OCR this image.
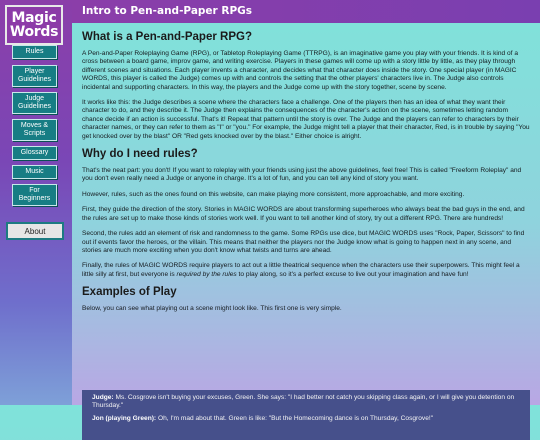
Magic
Words
Rules
Player Guidelines
Judge Guidelines
Moves & Scripts
Glossary
Music
For Beginners
About
Intro to Pen-and-Paper RPGs
What is a Pen-and-Paper RPG?

A Pen-and-Paper Roleplaying Game (RPG), or Tabletop Roleplaying Game (TTRPG), is an imaginative game you play with your friends. It is kind of a cross between a board game, improv game, and writing exercise. Players in these games will come up with a story little by little, as they play through different scenes and situations. Each player invents a character, and decides what that character does inside the story. One special player (in MAGIC WORDS, this player is called the Judge) comes up with and controls the setting that the other players' characters live in. The Judge also controls incidental and supporting characters. In this way, the players and the Judge come up with the story together, scene by scene.

It works like this: the Judge describes a scene where the characters face a challenge. One of the players then has an idea of what they want their character to do, and they describe it. The Judge then explains the consequences of the character's action on the scene, sometimes letting random chance decide if an action is successful. That's it! Repeat that pattern until the story is over. The Judge and the players can refer to characters by their character names, or they can refer to them as "I" or "you." For example, the Judge might tell a player that their character, Red, is in trouble by saying "You get knocked over by the blast" OR "Red gets knocked over by the blast." Either choice is alright.

Why do I need rules?

That's the neat part: you don't! If you want to roleplay with your friends using just the above guidelines, feel free! This is called "Freeform Roleplay" and you don't even really need a Judge or anyone in charge. It's a lot of fun, and you can tell any kind of story you want.

However, rules, such as the ones found on this website, can make playing more consistent, more approachable, and more exciting.

First, they guide the direction of the story. Stories in MAGIC WORDS are about transforming superheroes who always beat the bad guys in the end, and the rules are set up to make those kinds of stories work well. If you want to tell another kind of story, try out a different RPG. There are hundreds!

Second, the rules add an element of risk and randomness to the game. Some RPGs use dice, but MAGIC WORDS uses "Rock, Paper, Scissors" to find out if events favor the heroes, or the villain. This means that neither the players nor the Judge know what is going to happen next in any scene, and stories are much more exciting when you don't know what twists and turns are ahead.

Finally, the rules of MAGIC WORDS require players to act out a little theatrical sequence when the characters use their superpowers. This might feel a little silly at first, but everyone is required by the rules to play along, so it's a perfect excuse to live out your imagination and have fun!

Examples of Play

Below, you can see what playing out a scene might look like. This first one is very simple.

Judge: Ms. Cosgrove isn't buying your excuses, Green. She says: "I had better not catch you skipping class again, or I will give you detention on Thursday."
Jon (playing Green): Oh, I'm mad about that. Green is like: "But the Homecoming dance is on Thursday, Cosgrove!"
